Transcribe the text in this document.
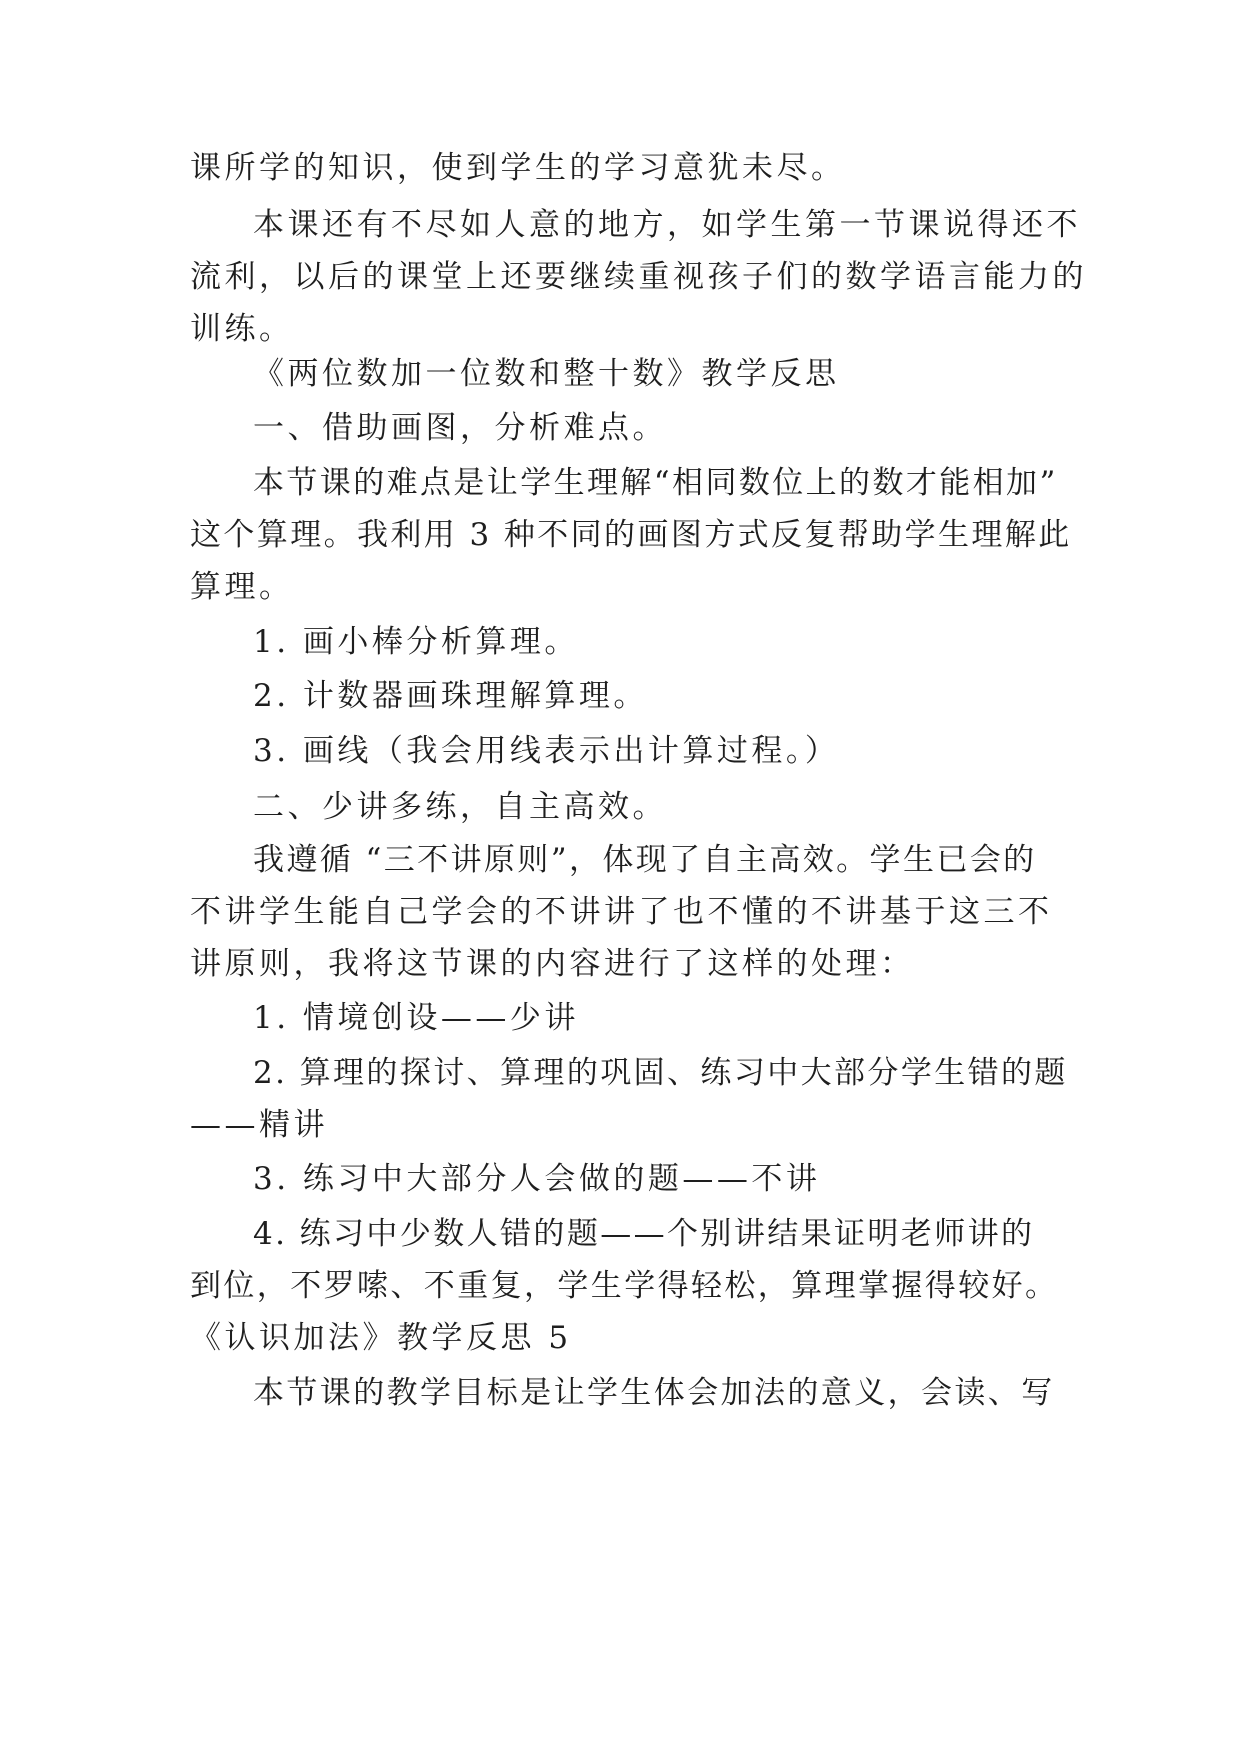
课所学的知识，使到学生的学习意犹未尽。
本课还有不尽如人意的地方，如学生第一节课说得还不
流利，以后的课堂上还要继续重视孩子们的数学语言能力的
训练。
《两位数加一位数和整十数》教学反思
一、借助画图，分析难点。
本节课的难点是让学生理解“相同数位上的数才能相加”
这个算理。我利用 3 种不同的画图方式反复帮助学生理解此
算理。
1. 画小棒分析算理。
2. 计数器画珠理解算理。
3. 画线（我会用线表示出计算过程。）
二、少讲多练，自主高效。
我遵循 “三不讲原则”，体现了自主高效。学生已会的
不讲学生能自己学会的不讲讲了也不懂的不讲基于这三不
讲原则，我将这节课的内容进行了这样的处理：
1. 情境创设——少讲
2. 算理的探讨、算理的巩固、练习中大部分学生错的题
——精讲
3. 练习中大部分人会做的题——不讲
4. 练习中少数人错的题——个别讲结果证明老师讲的
到位，不罗嗦、不重复，学生学得轻松，算理掌握得较好。
《认识加法》教学反思 5
本节课的教学目标是让学生体会加法的意义，会读、写
